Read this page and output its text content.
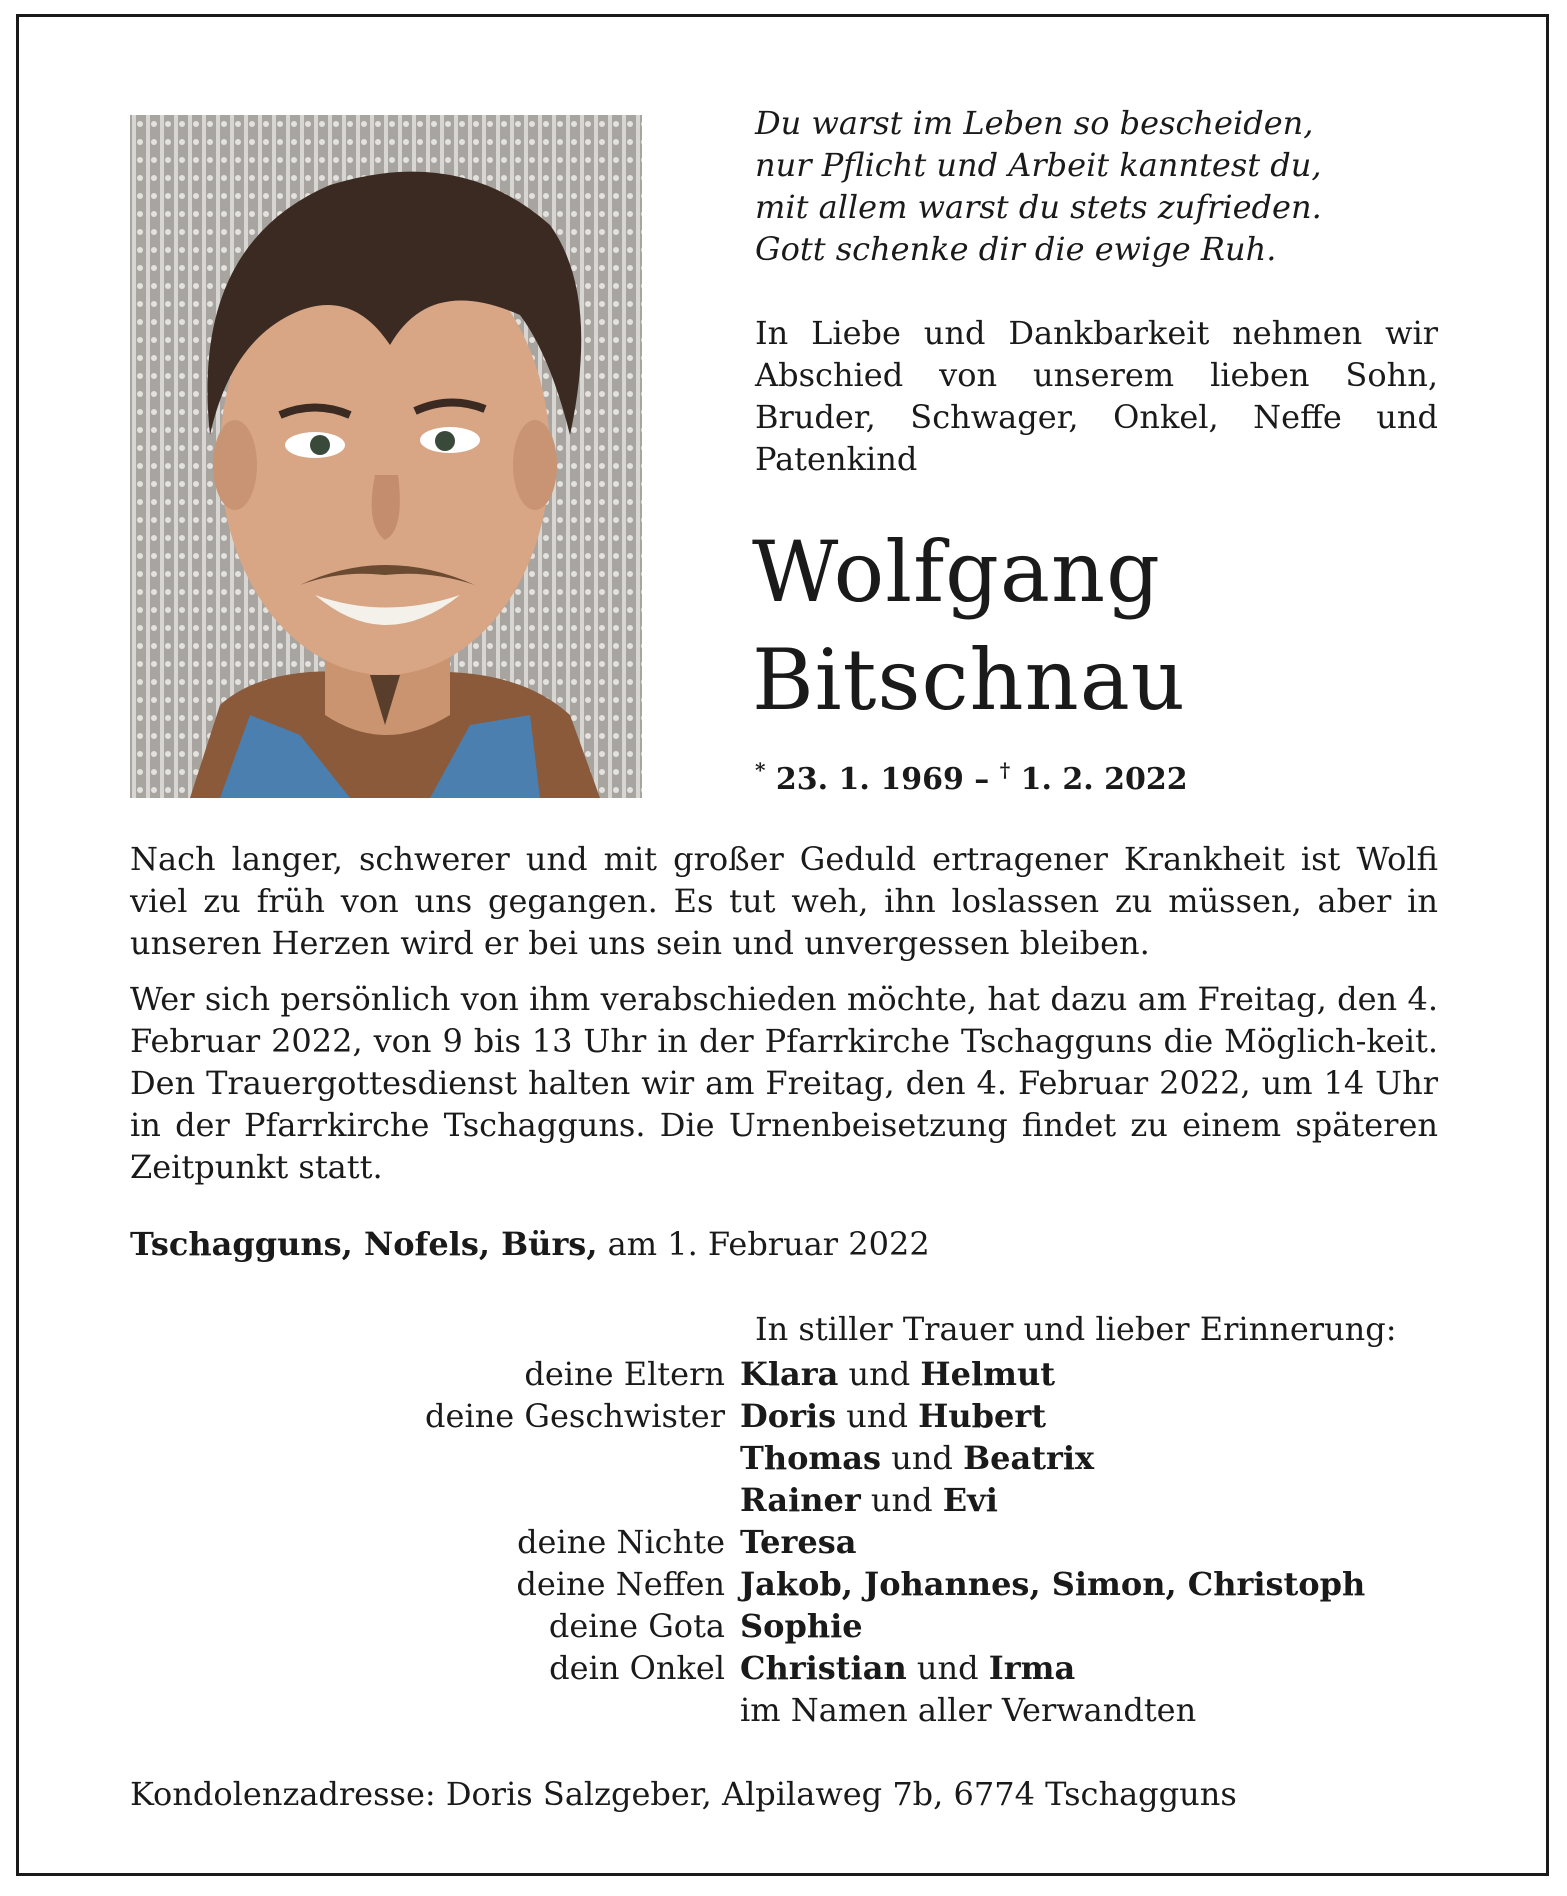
Du warst im Leben so bescheiden,
nur Pflicht und Arbeit kanntest du,
mit allem warst du stets zufrieden.
Gott schenke dir die ewige Ruh.
In Liebe und Dankbarkeit nehmen wir Abschied von unserem lieben Sohn, Bruder, Schwager, Onkel, Neffe und Patenkind
Wolfgang
Bitschnau
* 23. 1. 1969 – † 1. 2. 2022
Nach langer, schwerer und mit großer Geduld ertragener Krankheit ist Wolfi viel zu früh von uns gegangen. Es tut weh, ihn loslassen zu müssen, aber in unseren Herzen wird er bei uns sein und unvergessen bleiben.
Wer sich persönlich von ihm verabschieden möchte, hat dazu am Freitag, den 4. Februar 2022, von 9 bis 13 Uhr in der Pfarrkirche Tschagguns die Möglich-keit. Den Trauergottesdienst halten wir am Freitag, den 4. Februar 2022, um 14 Uhr in der Pfarrkirche Tschagguns. Die Urnenbeisetzung findet zu einem späteren Zeitpunkt statt.
Tschagguns, Nofels, Bürs, am 1. Februar 2022
In stiller Trauer und lieber Erinnerung:
deine Eltern Klara und Helmut
deine Geschwister Doris und Hubert
Thomas und Beatrix
Rainer und Evi
deine Nichte Teresa
deine Neffen Jakob, Johannes, Simon, Christoph
deine Gota Sophie
dein Onkel Christian und Irma
im Namen aller Verwandten
Kondolenzadresse: Doris Salzgeber, Alpilaweg 7b, 6774 Tschagguns
